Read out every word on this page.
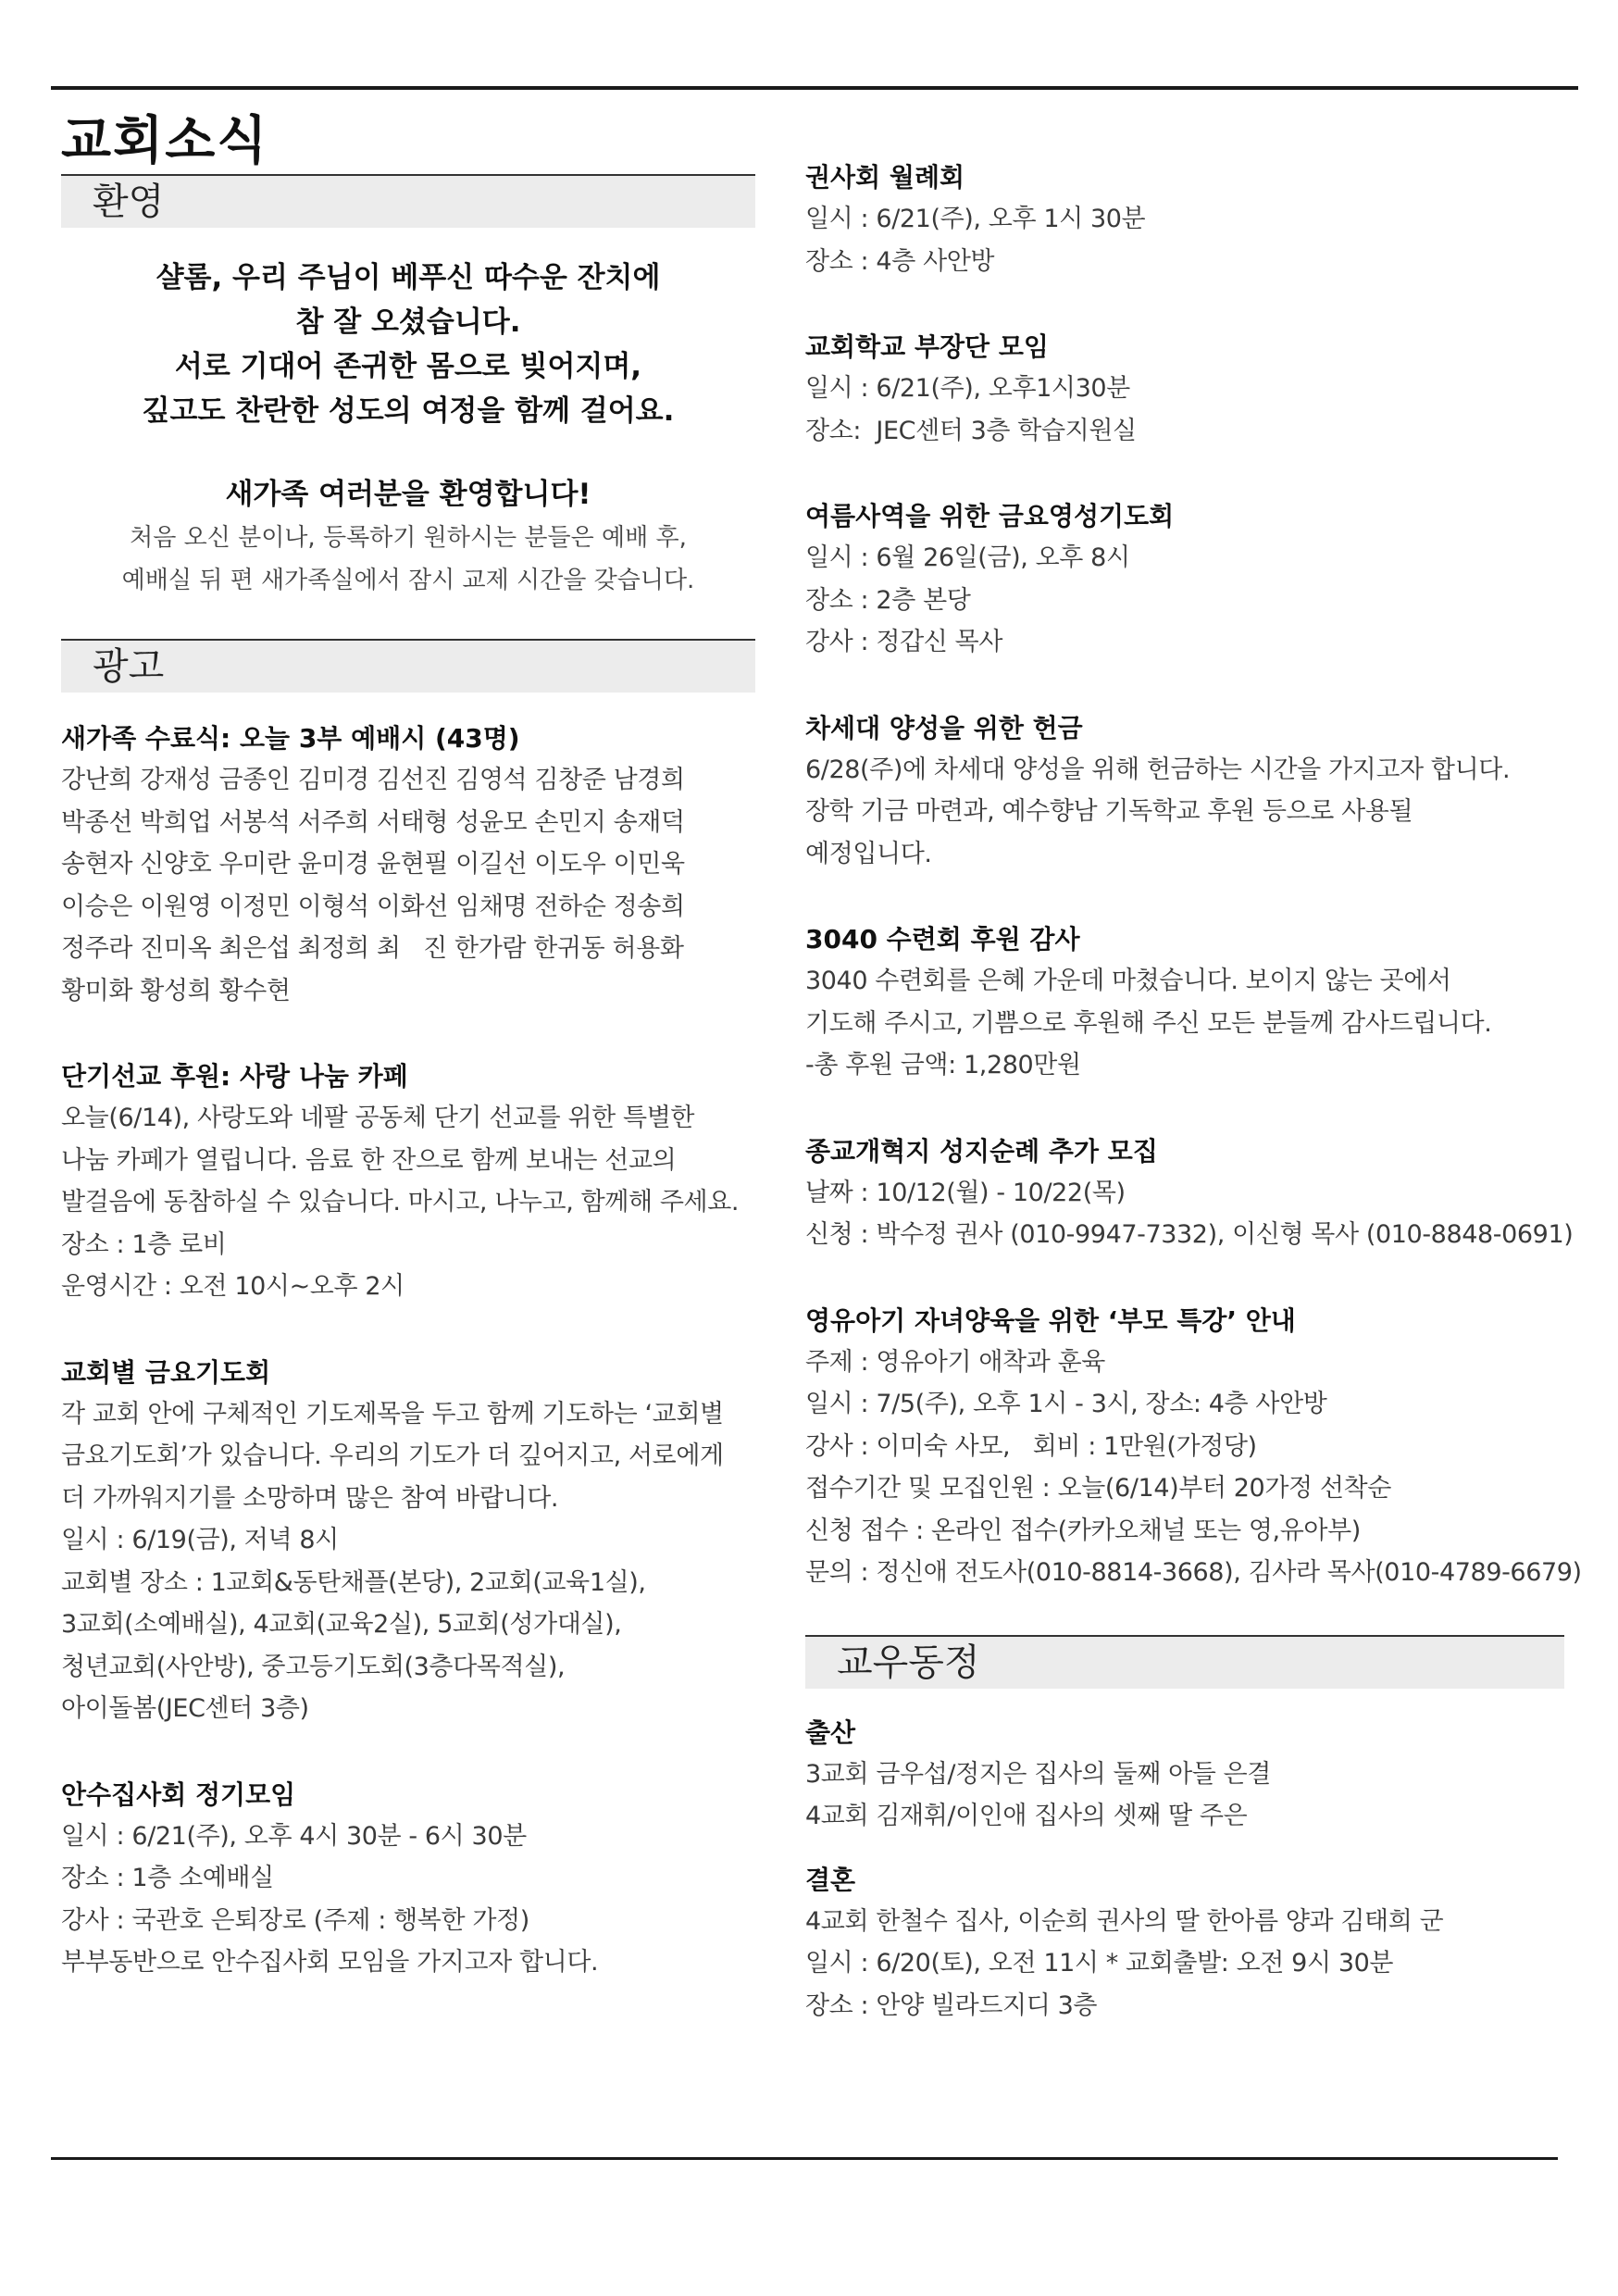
교회소식
환영
샬롬, 우리 주님이 베푸신 따수운 잔치에
참 잘 오셨습니다.
서로 기대어 존귀한 몸으로 빚어지며,
깊고도 찬란한 성도의 여정을 함께 걸어요.
새가족 여러분을 환영합니다!
처음 오신 분이나, 등록하기 원하시는 분들은 예배 후,
예배실 뒤 편 새가족실에서 잠시 교제 시간을 갖습니다.
광고
새가족 수료식: 오늘 3부 예배시 (43명)
강난희 강재성 금종인 김미경 김선진 김영석 김창준 남경희
박종선 박희업 서봉석 서주희 서태형 성윤모 손민지 송재덕
송현자 신양호 우미란 윤미경 윤현필 이길선 이도우 이민욱
이승은 이원영 이정민 이형석 이화선 임채명 전하순 정송희
정주라 진미옥 최은섭 최정희 최   진 한가람 한귀동 허용화
황미화 황성희 황수현
단기선교 후원: 사랑 나눔 카페
오늘(6/14), 사랑도와 네팔 공동체 단기 선교를 위한 특별한
나눔 카페가 열립니다. 음료 한 잔으로 함께 보내는 선교의
발걸음에 동참하실 수 있습니다. 마시고, 나누고, 함께해 주세요.
장소 : 1층 로비
운영시간 : 오전 10시~오후 2시
교회별 금요기도회
각 교회 안에 구체적인 기도제목을 두고 함께 기도하는 ‘교회별
금요기도회’가 있습니다. 우리의 기도가 더 깊어지고, 서로에게
더 가까워지기를 소망하며 많은 참여 바랍니다.
일시 : 6/19(금), 저녁 8시
교회별 장소 : 1교회&동탄채플(본당), 2교회(교육1실),
3교회(소예배실), 4교회(교육2실), 5교회(성가대실),
청년교회(사안방), 중고등기도회(3층다목적실),
아이돌봄(JEC센터 3층)
안수집사회 정기모임
일시 : 6/21(주), 오후 4시 30분 - 6시 30분
장소 : 1층 소예배실
강사 : 국관호 은퇴장로 (주제 : 행복한 가정)
부부동반으로 안수집사회 모임을 가지고자 합니다.
권사회 월례회
일시 : 6/21(주), 오후 1시 30분
장소 : 4층 사안방
교회학교 부장단 모임
일시 : 6/21(주), 오후1시30분
장소:  JEC센터 3층 학습지원실
여름사역을 위한 금요영성기도회
일시 : 6월 26일(금), 오후 8시
장소 : 2층 본당
강사 : 정갑신 목사
차세대 양성을 위한 헌금
6/28(주)에 차세대 양성을 위해 헌금하는 시간을 가지고자 합니다.
장학 기금 마련과, 예수향남 기독학교 후원 등으로 사용될
예정입니다.
3040 수련회 후원 감사
3040 수련회를 은혜 가운데 마쳤습니다. 보이지 않는 곳에서
기도해 주시고, 기쁨으로 후원해 주신 모든 분들께 감사드립니다.
-총 후원 금액: 1,280만원
종교개혁지 성지순례 추가 모집
날짜 : 10/12(월) - 10/22(목)
신청 : 박수정 권사 (010-9947-7332), 이신형 목사 (010-8848-0691)
영유아기 자녀양육을 위한 ‘부모 특강’ 안내
주제 : 영유아기 애착과 훈육
일시 : 7/5(주), 오후 1시 - 3시, 장소: 4층 사안방
강사 : 이미숙 사모,   회비 : 1만원(가정당)
접수기간 및 모집인원 : 오늘(6/14)부터 20가정 선착순
신청 접수 : 온라인 접수(카카오채널 또는 영,유아부)
문의 : 정신애 전도사(010-8814-3668), 김사라 목사(010-4789-6679)
교우동정
출산
3교회 금우섭/정지은 집사의 둘째 아들 은결
4교회 김재휘/이인애 집사의 셋째 딸 주은
결혼
4교회 한철수 집사, 이순희 권사의 딸 한아름 양과 김태희 군
일시 : 6/20(토), 오전 11시 * 교회출발: 오전 9시 30분
장소 : 안양 빌라드지디 3층
